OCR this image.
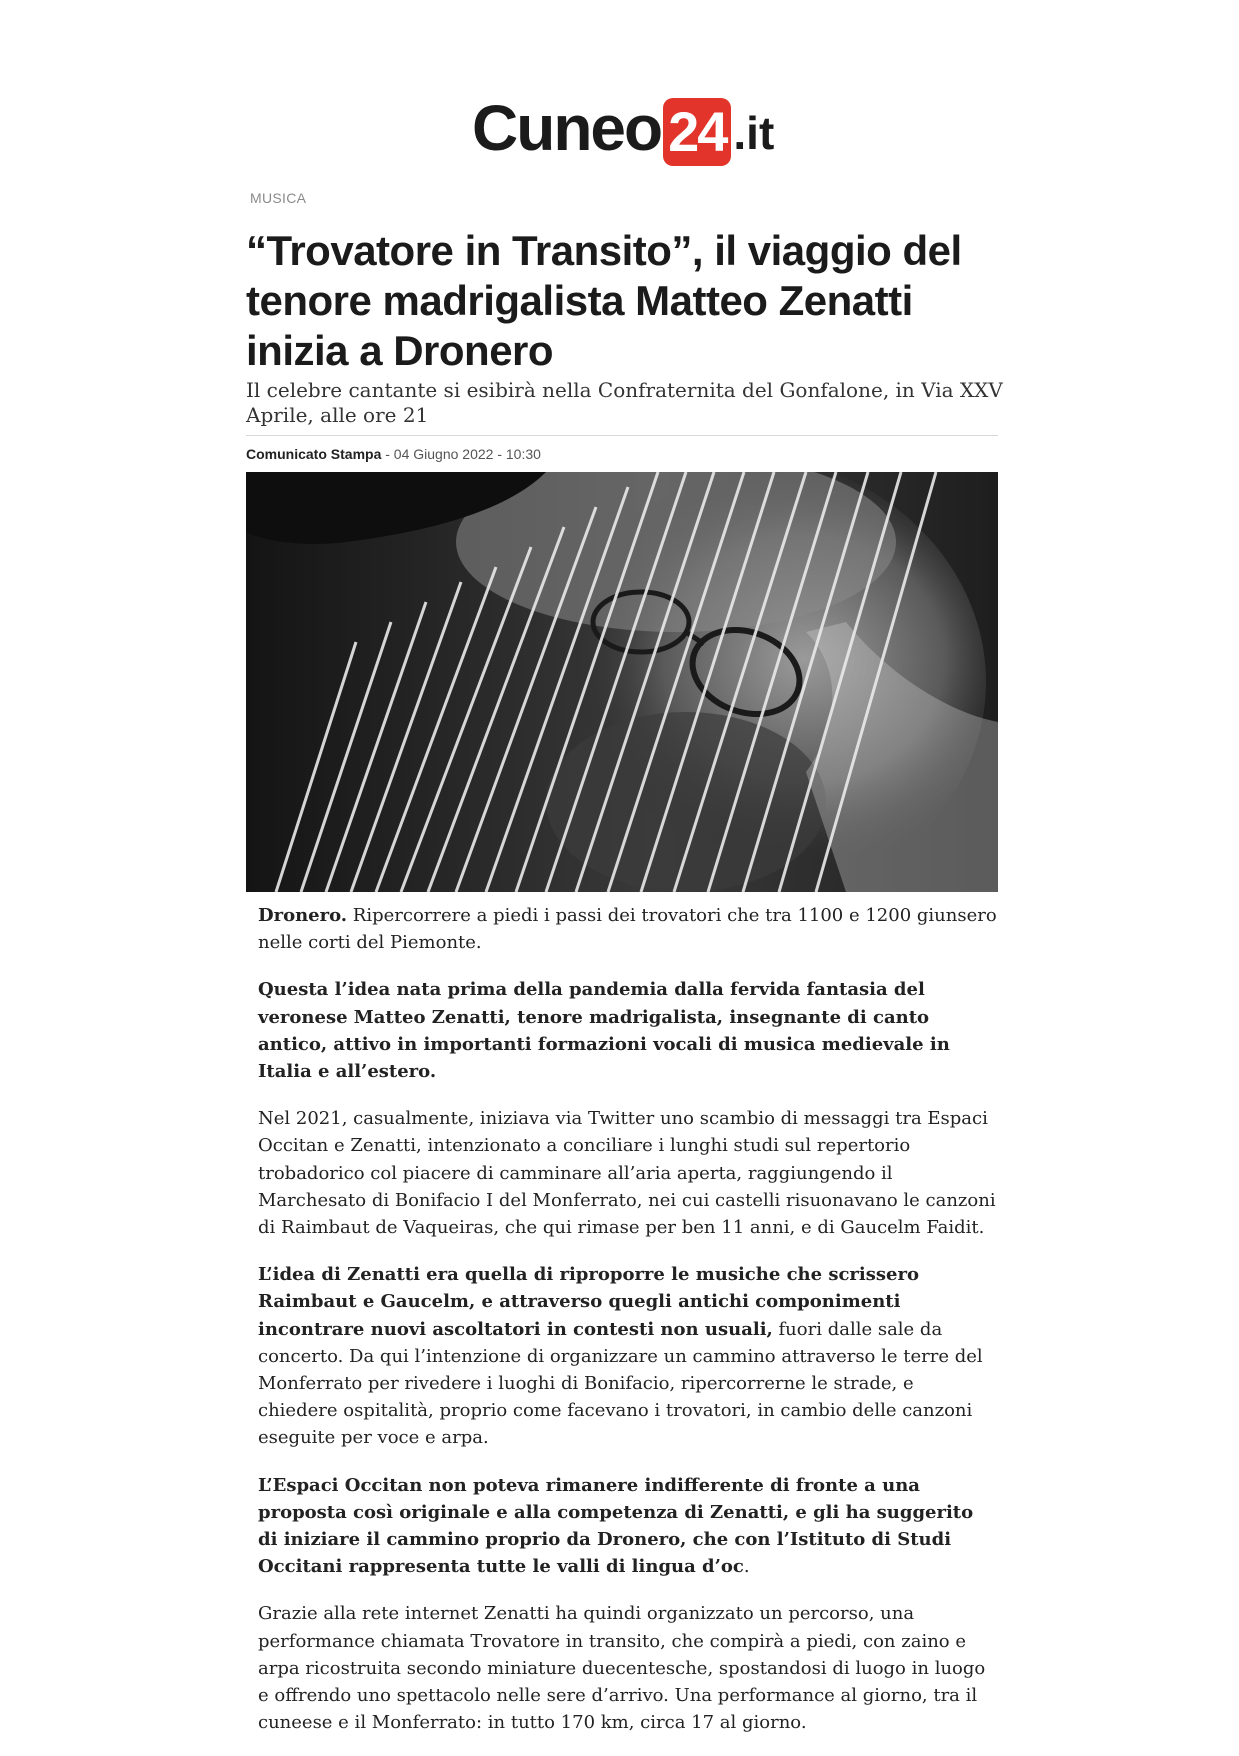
Cuneo 24 .it
MUSICA
“Trovatore in Transito”, il viaggio del tenore madrigalista Matteo Zenatti inizia a Dronero

Il celebre cantante si esibirà nella Confraternita del Gonfalone, in Via XXV Aprile, alle ore 21

Comunicato Stampa - 04 Giugno 2022 - 10:30

Dronero. Ripercorrere a piedi i passi dei trovatori che tra 1100 e 1200 giunsero nelle corti del Piemonte.

Questa l’idea nata prima della pandemia dalla fervida fantasia del veronese Matteo Zenatti, tenore madrigalista, insegnante di canto antico, attivo in importanti formazioni vocali di musica medievale in Italia e all’estero.

Nel 2021, casualmente, iniziava via Twitter uno scambio di messaggi tra Espaci Occitan e Zenatti, intenzionato a conciliare i lunghi studi sul repertorio trobadorico col piacere di camminare all’aria aperta, raggiungendo il Marchesato di Bonifacio I del Monferrato, nei cui castelli risuonavano le canzoni di Raimbaut de Vaqueiras, che qui rimase per ben 11 anni, e di Gaucelm Faidit.

L’idea di Zenatti era quella di riproporre le musiche che scrissero Raimbaut e Gaucelm, e attraverso quegli antichi componimenti incontrare nuovi ascoltatori in contesti non usuali, fuori dalle sale da concerto. Da qui l’intenzione di organizzare un cammino attraverso le terre del Monferrato per rivedere i luoghi di Bonifacio, ripercorrerne le strade, e chiedere ospitalità, proprio come facevano i trovatori, in cambio delle canzoni eseguite per voce e arpa.

L’Espaci Occitan non poteva rimanere indifferente di fronte a una proposta così originale e alla competenza di Zenatti, e gli ha suggerito di iniziare il cammino proprio da Dronero, che con l’Istituto di Studi Occitani rappresenta tutte le valli di lingua d’oc.

Grazie alla rete internet Zenatti ha quindi organizzato un percorso, una performance chiamata Trovatore in transito, che compirà a piedi, con zaino e arpa ricostruita secondo miniature duecentesche, spostandosi di luogo in luogo e offrendo uno spettacolo nelle sere d’arrivo. Una performance al giorno, tra il cuneese e il Monferrato: in tutto 170 km, circa 17 al giorno.
